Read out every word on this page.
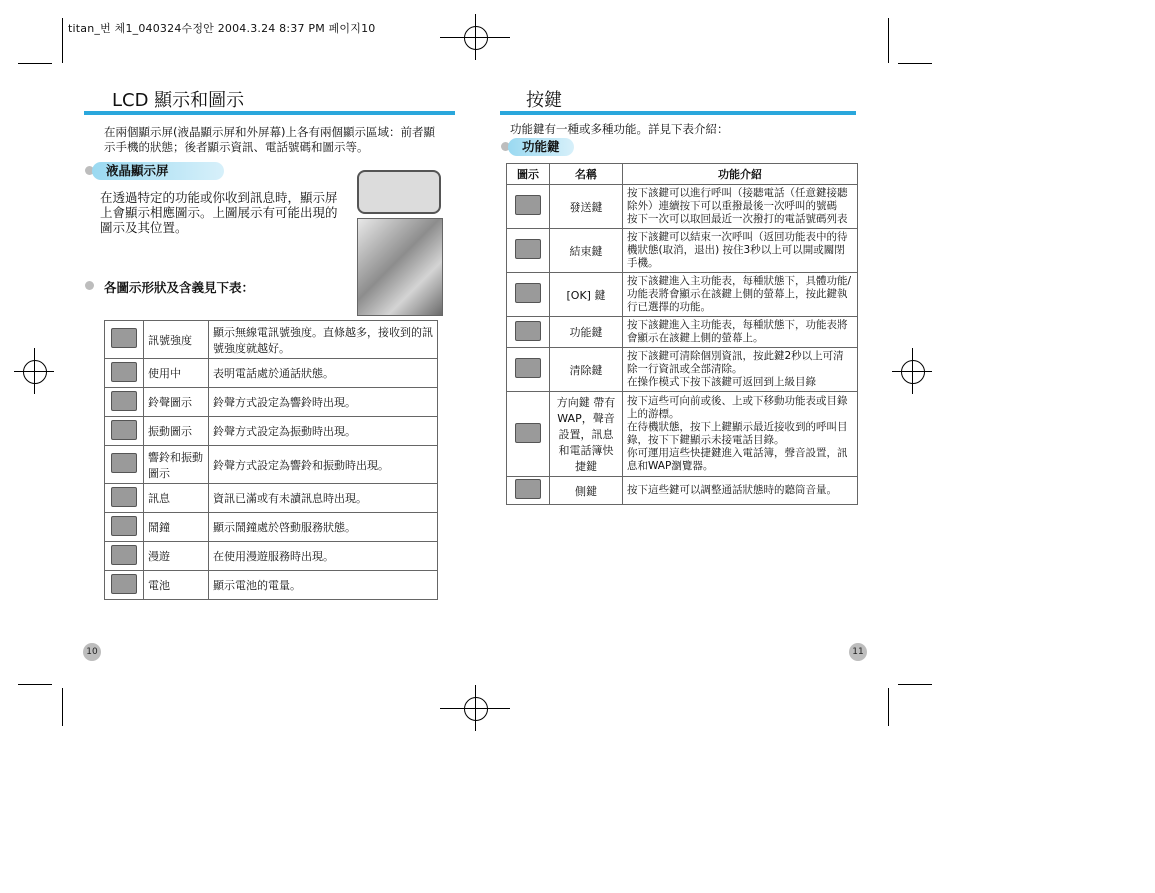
titan_번 체1_040324수정안 2004.3.24 8:37 PM 페이지10
LCD 顯示和圖示
在兩個顯示屏(液晶顯示屏和外屏幕)上各有兩個顯示區域：前者顯示手機的狀態；後者顯示資訊、電話號碼和圖示等。
液晶顯示屏
在透過特定的功能或你收到訊息時，顯示屏上會顯示相應圖示。上圖展示有可能出現的圖示及其位置。
各圖示形狀及含義見下表：
	訊號強度	顯示無線電訊號強度。直條越多，接收到的訊號強度就越好。
	使用中	表明電話處於通話狀態。
	鈴聲圖示	鈴聲方式設定為響鈴時出現。
	振動圖示	鈴聲方式設定為振動時出現。
	響鈴和振動圖示	鈴聲方式設定為響鈴和振動時出現。
	訊息	資訊已滿或有未讀訊息時出現。
	鬧鐘	顯示鬧鐘處於啓動服務狀態。
	漫遊	在使用漫遊服務時出現。
	電池	顯示電池的電量。
10
按鍵
功能鍵有一種或多種功能。詳見下表介紹：
功能鍵
圖示	名稱	功能介紹
	發送鍵	按下該鍵可以進行呼叫（接聽電話（任意鍵接聽除外）連續按下可以重撥最後一次呼叫的號碼
按下一次可以取回最近一次撥打的電話號碼列表
	結束鍵	按下該鍵可以結束一次呼叫（返回功能表中的待機狀態(取消，退出) 按住3秒以上可以開或關閉手機。
	[OK] 鍵	按下該鍵進入主功能表，每種狀態下，具體功能/功能表將會顯示在該鍵上側的螢幕上，按此鍵執行已選擇的功能。
	功能鍵	按下該鍵進入主功能表，每種狀態下，功能表將會顯示在該鍵上側的螢幕上。
	清除鍵	按下該鍵可清除個別資訊，按此鍵2秒以上可清除一行資訊或全部清除。
在操作模式下按下該鍵可返回到上級目錄
	方向鍵 帶有WAP，聲音設置，訊息和電話簿快捷鍵	按下這些可向前或後、上或下移動功能表或目錄上的游標。
在待機狀態，按下上鍵顯示最近接收到的呼叫目錄，按下下鍵顯示未接電話目錄。
你可運用這些快捷鍵進入電話簿，聲音設置，訊息和WAP瀏覽器。
	側鍵	按下這些鍵可以調整通話狀態時的聽筒音量。
11
